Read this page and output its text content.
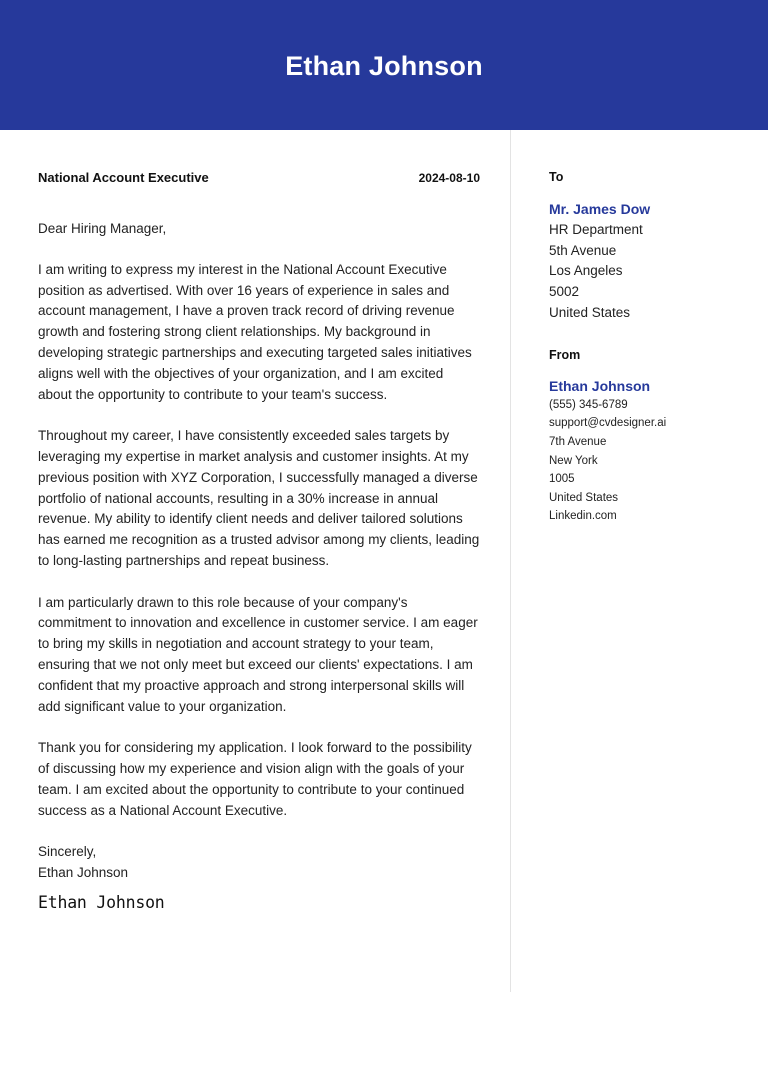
Ethan Johnson
National Account Executive	2024-08-10

Dear Hiring Manager,

I am writing to express my interest in the National Account Executive position as advertised. With over 16 years of experience in sales and account management, I have a proven track record of driving revenue growth and fostering strong client relationships. My background in developing strategic partnerships and executing targeted sales initiatives aligns well with the objectives of your organization, and I am excited about the opportunity to contribute to your team's success.

Throughout my career, I have consistently exceeded sales targets by leveraging my expertise in market analysis and customer insights. At my previous position with XYZ Corporation, I successfully managed a diverse portfolio of national accounts, resulting in a 30% increase in annual revenue. My ability to identify client needs and deliver tailored solutions has earned me recognition as a trusted advisor among my clients, leading to long-lasting partnerships and repeat business.

I am particularly drawn to this role because of your company's commitment to innovation and excellence in customer service. I am eager to bring my skills in negotiation and account strategy to your team, ensuring that we not only meet but exceed our clients' expectations. I am confident that my proactive approach and strong interpersonal skills will add significant value to your organization.

Thank you for considering my application. I look forward to the possibility of discussing how my experience and vision align with the goals of your team. I am excited about the opportunity to contribute to your continued success as a National Account Executive.

Sincerely,

Ethan Johnson

Ethan Johnson
To
Mr. James Dow
HR Department
5th Avenue
Los Angeles
5002
United States
From
Ethan Johnson
(555) 345-6789
support@cvdesigner.ai
7th Avenue
New York
1005
United States
Linkedin.com
